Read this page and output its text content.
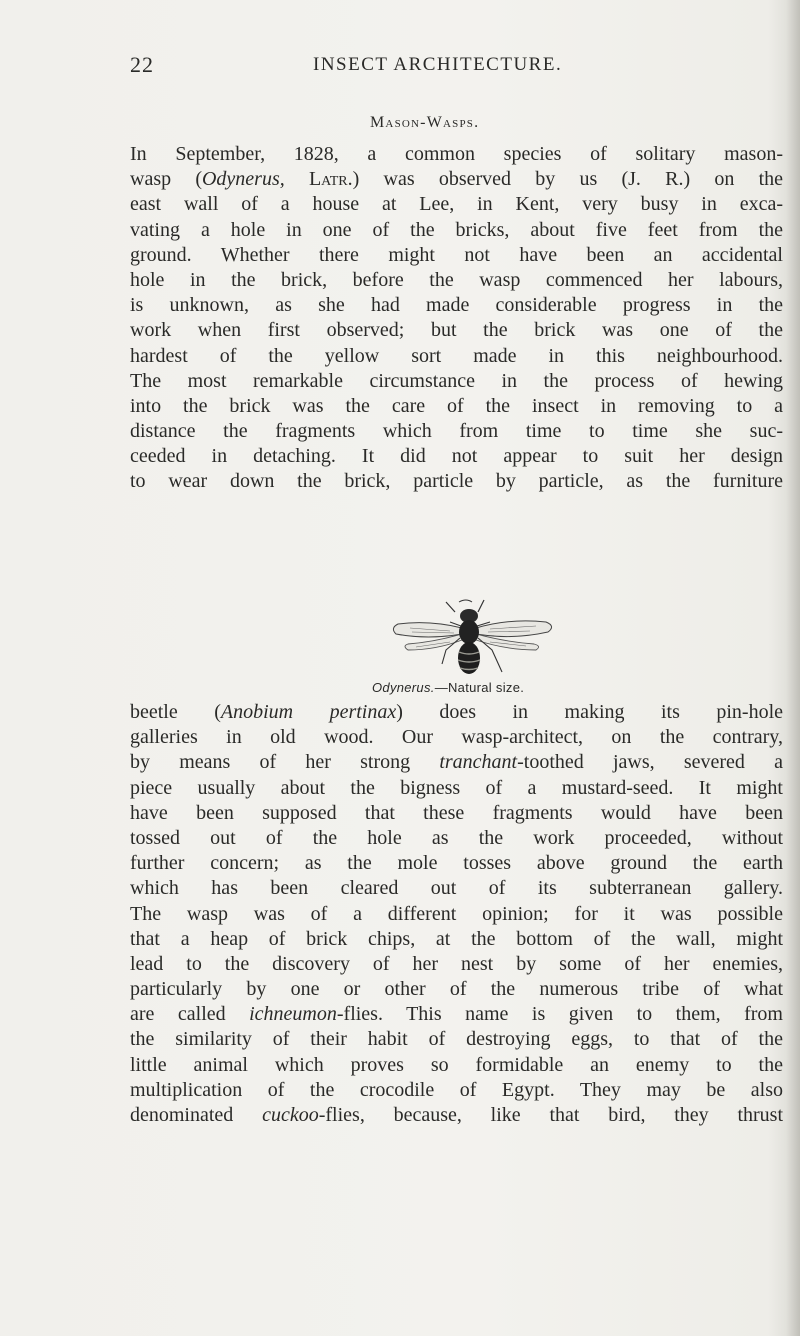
22	INSECT ARCHITECTURE.
Mason-Wasps.
In September, 1828, a common species of solitary mason-
wasp (Odynerus, Latr.) was observed by us (J. R.) on the
east wall of a house at Lee, in Kent, very busy in exca-
vating a hole in one of the bricks, about five feet from the
ground. Whether there might not have been an accidental
hole in the brick, before the wasp commenced her labours,
is unknown, as she had made considerable progress in the
work when first observed; but the brick was one of the
hardest of the yellow sort made in this neighbourhood.
The most remarkable circumstance in the process of hewing
into the brick was the care of the insect in removing to a
distance the fragments which from time to time she suc-
ceeded in detaching. It did not appear to suit her design
to wear down the brick, particle by particle, as the furniture
Odynerus.—Natural size.
beetle (Anobium pertinax) does in making its pin-hole
galleries in old wood. Our wasp-architect, on the contrary,
by means of her strong tranchant-toothed jaws, severed a
piece usually about the bigness of a mustard-seed. It might
have been supposed that these fragments would have been
tossed out of the hole as the work proceeded, without
further concern; as the mole tosses above ground the earth
which has been cleared out of its subterranean gallery.
The wasp was of a different opinion; for it was possible
that a heap of brick chips, at the bottom of the wall, might
lead to the discovery of her nest by some of her enemies,
particularly by one or other of the numerous tribe of what
are called ichneumon-flies. This name is given to them, from
the similarity of their habit of destroying eggs, to that of the
little animal which proves so formidable an enemy to the
multiplication of the crocodile of Egypt. They may be also
denominated cuckoo-flies, because, like that bird, they thrust
